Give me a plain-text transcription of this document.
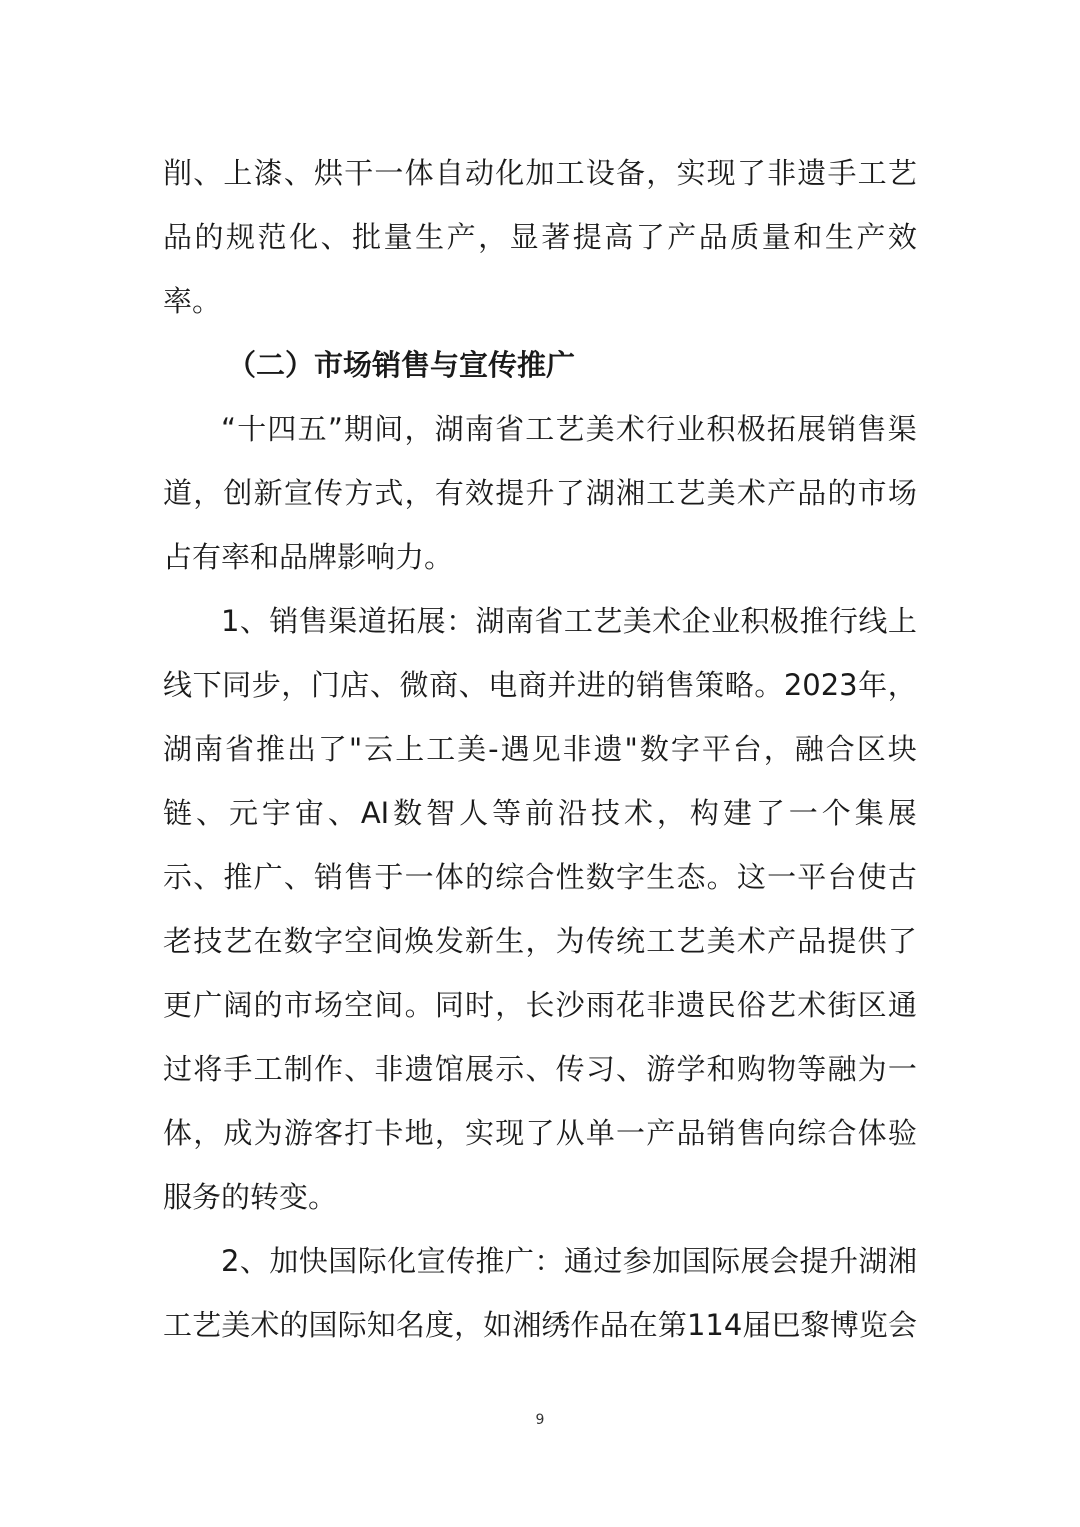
削 、 上 漆 、 烘 干 一 体 自 动 化 加 工 设 备 ， 实 现 了 非 遗 手 工 艺
品 的 规 范 化 、 批 量 生 产 ， 显 著 提 高 了 产 品 质 量 和 生 产 效
率。
（二）市场销售与宣传推广
“ 十 四 五 ” 期 间 ， 湖 南 省 工 艺 美 术 行 业 积 极 拓 展 销 售 渠
道 ， 创 新 宣 传 方 式 ， 有 效 提 升 了 湖 湘 工 艺 美 术 产 品 的 市 场
占有率和品牌影响力。
1 、 销 售 渠 道 拓 展 ： 湖 南 省 工 艺 美 术 企 业 积 极 推 行 线 上
线 下 同 步 ， 门 店 、 微 商 、 电 商 并 进 的 销 售 策 略 。 2023 年 ，
湖 南 省 推 出 了 " 云 上 工 美 - 遇 见 非 遗 " 数 字 平 台 ， 融 合 区 块
链 、 元 宇 宙 、 AI 数 智 人 等 前 沿 技 术 ， 构 建 了 一 个 集 展
示 、 推 广 、 销 售 于 一 体 的 综 合 性 数 字 生 态 。 这 一 平 台 使 古
老 技 艺 在 数 字 空 间 焕 发 新 生 ， 为 传 统 工 艺 美 术 产 品 提 供 了
更 广 阔 的 市 场 空 间 。 同 时 ， 长 沙 雨 花 非 遗 民 俗 艺 术 街 区 通
过 将 手 工 制 作 、 非 遗 馆 展 示 、 传 习 、 游 学 和 购 物 等 融 为 一
体 ， 成 为 游 客 打 卡 地 ， 实 现 了 从 单 一 产 品 销 售 向 综 合 体 验
服务的转变。
2 、 加 快 国 际 化 宣 传 推 广 ： 通 过 参 加 国 际 展 会 提 升 湖 湘
工 艺 美 术 的 国 际 知 名 度 ， 如 湘 绣 作 品 在 第 114 届 巴 黎 博 览 会
9
